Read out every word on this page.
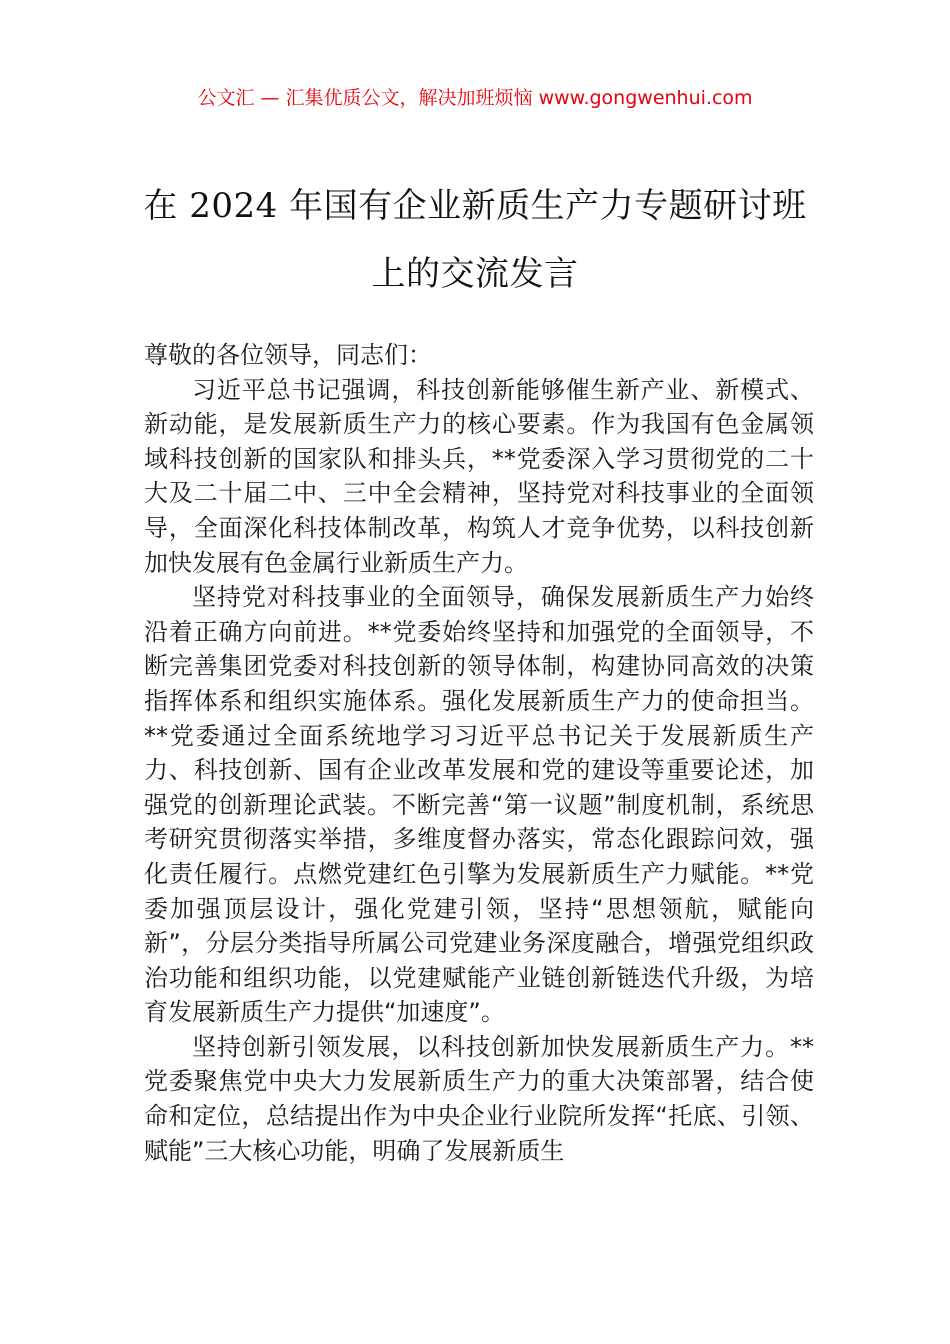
公文汇 — 汇集优质公文，解决加班烦恼 www.gongwenhui.com
在 2024 年国有企业新质生产力专题研讨班
上的交流发言

尊敬的各位领导，同志们：

习近平总书记强调，科技创新能够催生新产业、新模式、新动能，是发展新质生产力的核心要素。作为我国有色金属领域科技创新的国家队和排头兵，**党委深入学习贯彻党的二十大及二十届二中、三中全会精神，坚持党对科技事业的全面领导，全面深化科技体制改革，构筑人才竞争优势，以科技创新加快发展有色金属行业新质生产力。

坚持党对科技事业的全面领导，确保发展新质生产力始终沿着正确方向前进。**党委始终坚持和加强党的全面领导，不断完善集团党委对科技创新的领导体制，构建协同高效的决策指挥体系和组织实施体系。强化发展新质生产力的使命担当。**党委通过全面系统地学习习近平总书记关于发展新质生产力、科技创新、国有企业改革发展和党的建设等重要论述，加强党的创新理论武装。不断完善“第一议题”制度机制，系统思考研究贯彻落实举措，多维度督办落实，常态化跟踪问效，强化责任履行。点燃党建红色引擎为发展新质生产力赋能。**党委加强顶层设计，强化党建引领，坚持“思想领航，赋能向新”，分层分类指导所属公司党建业务深度融合，增强党组织政治功能和组织功能，以党建赋能产业链创新链迭代升级，为培育发展新质生产力提供“加速度”。

坚持创新引领发展，以科技创新加快发展新质生产力。**党委聚焦党中央大力发展新质生产力的重大决策部署，结合使命和定位，总结提出作为中央企业行业院所发挥“托底、引领、赋能”三大核心功能，明确了发展新质生
